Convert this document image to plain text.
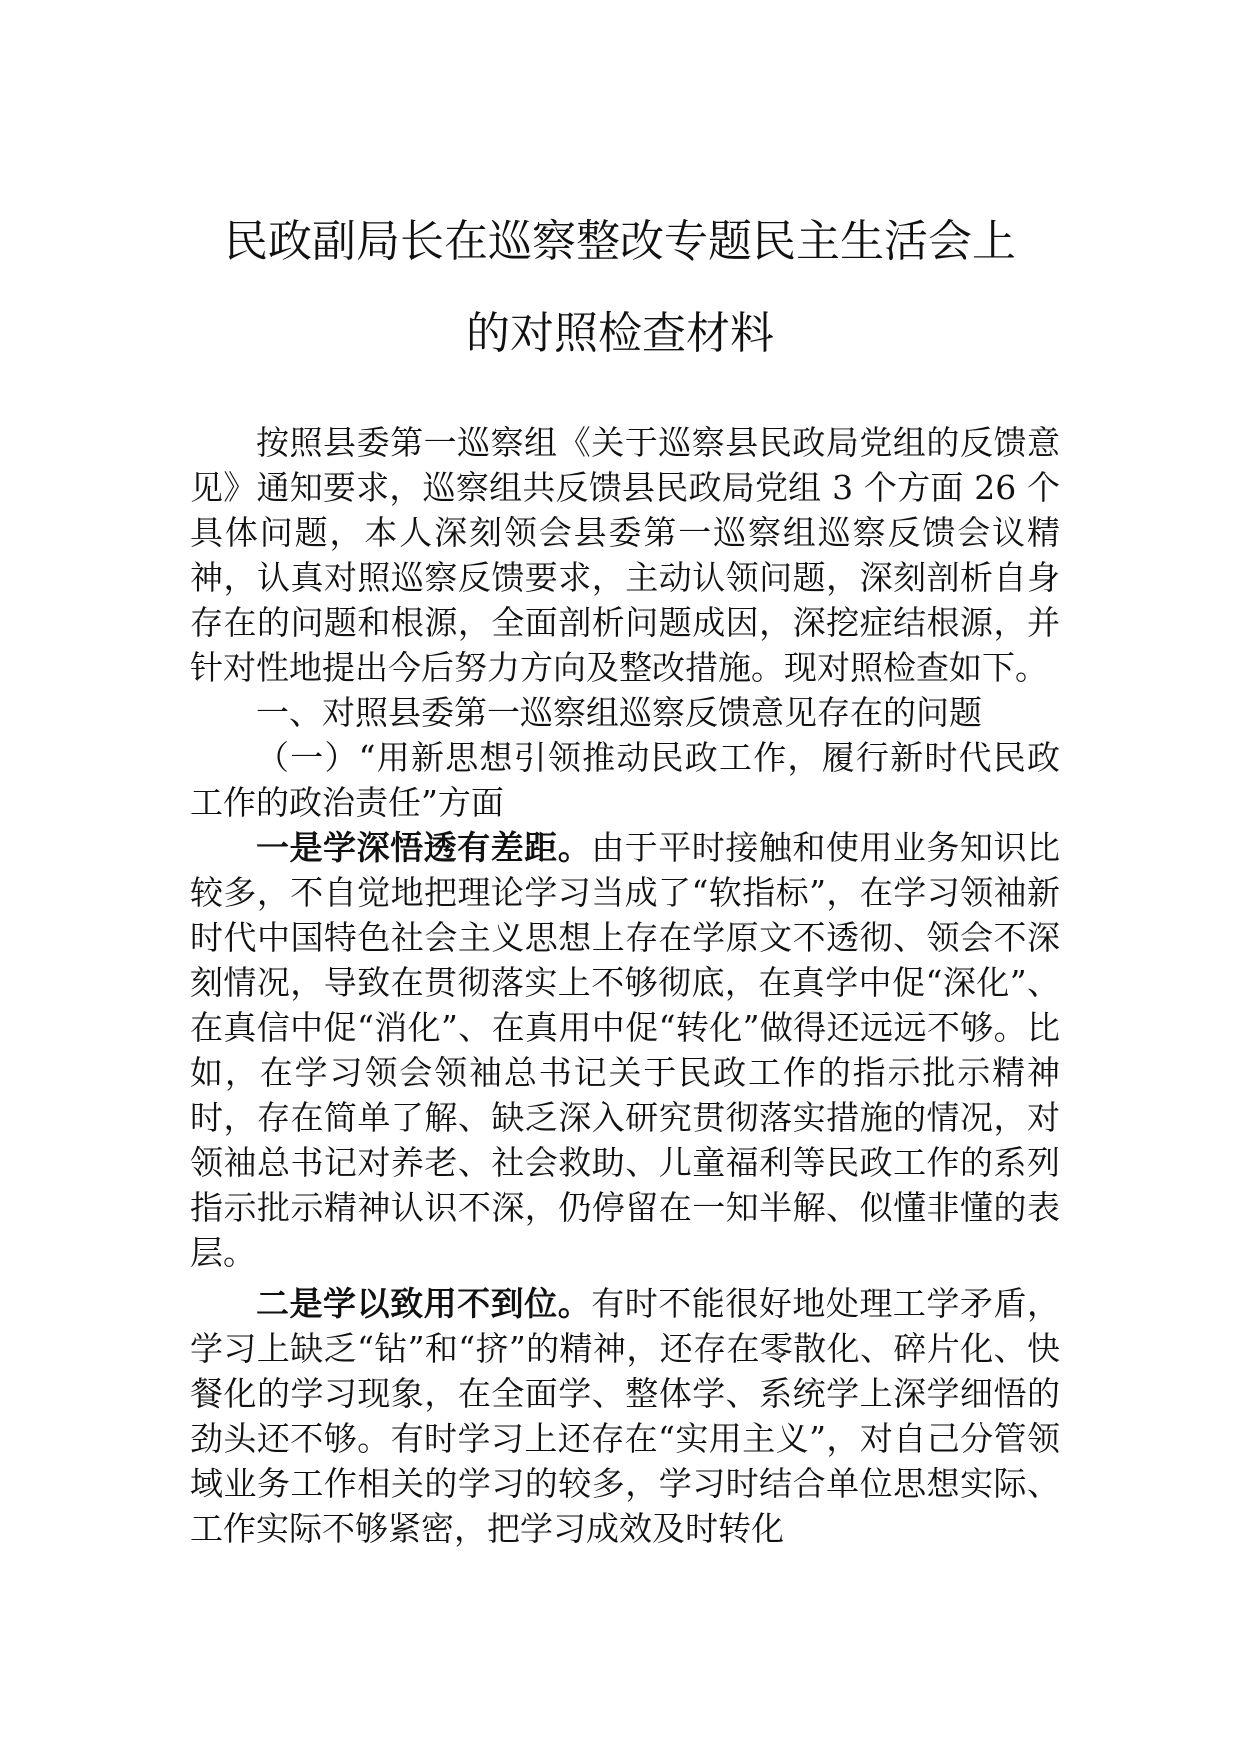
民政副局长在巡察整改专题民主生活会上
的对照检查材料

按照县委第一巡察组《关于巡察县民政局党组的反馈意见》通知要求，巡察组共反馈县民政局党组 3 个方面 26 个具体问题，本人深刻领会县委第一巡察组巡察反馈会议精神，认真对照巡察反馈要求，主动认领问题，深刻剖析自身存在的问题和根源，全面剖析问题成因，深挖症结根源，并针对性地提出今后努力方向及整改措施。现对照检查如下。

一、对照县委第一巡察组巡察反馈意见存在的问题

（一）“用新思想引领推动民政工作，履行新时代民政工作的政治责任”方面

一是学深悟透有差距。由于平时接触和使用业务知识比较多，不自觉地把理论学习当成了“软指标”，在学习领袖新时代中国特色社会主义思想上存在学原文不透彻、领会不深刻情况，导致在贯彻落实上不够彻底，在真学中促“深化”、在真信中促“消化”、在真用中促“转化”做得还远远不够。比如，在学习领会领袖总书记关于民政工作的指示批示精神时，存在简单了解、缺乏深入研究贯彻落实措施的情况，对领袖总书记对养老、社会救助、儿童福利等民政工作的系列指示批示精神认识不深，仍停留在一知半解、似懂非懂的表层。

二是学以致用不到位。有时不能很好地处理工学矛盾，学习上缺乏“钻”和“挤”的精神，还存在零散化、碎片化、快餐化的学习现象，在全面学、整体学、系统学上深学细悟的劲头还不够。有时学习上还存在“实用主义”，对自己分管领域业务工作相关的学习的较多，学习时结合单位思想实际、工作实际不够紧密，把学习成效及时转化
